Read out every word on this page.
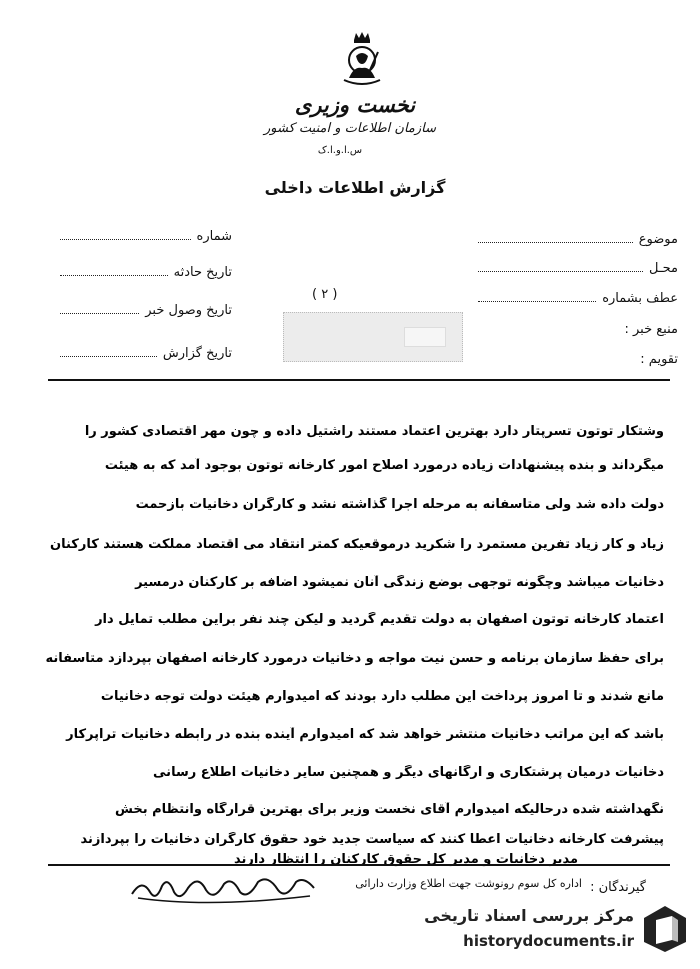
نخست وزیری
سازمان اطلاعات و امنیت کشور
س.ا.و.ا.ک
گزارش اطلاعات داخلی
موضوع
محـل
عطف بشماره
منبع خبر :
تقویم :
شماره
تاریخ حادثه
تاریخ وصول خبر
تاریخ گزارش
( ۲ )
وشتکار توتون تسرپتار دارد بهترین اعتماد مستند راشتیل داده و چون مهر اقتصادی کشور را
میگرداند و بنده پیشنهادات زیاده درمورد اصلاح امور کارخانه توتون بوجود آمد که به هیئت
دولت داده شد ولی متاسفانه به مرحله اجرا گذاشته نشد و کارگران دخانیات بازحمت
زیاد و کار زیاد تفرین مستمرد را شکرید درموقعیکه کمتر انتقاد می اقتصاد مملکت هستند کارکنان
دخانیات میباشد وچگونه توجهی بوضع زندگی آنان نمیشود اضافه بر کارکنان درمسیر
اعتماد کارخانه توتون اصفهان به دولت تقدیم گردید و لیکن چند نفر براین مطلب تمایل دار
برای حفظ سازمان برنامه و حسن نیت مواجه و دخانیات درمورد کارخانه اصفهان بپردازد متاسفانه
مانع شدند و تا امروز پرداخت این مطلب دارد بودند که امیدوارم هیئت دولت توجه دخانیات
باشد که این مراتب دخانیات منتشر خواهد شد که امیدوارم آینده بنده در رابطه دخانیات تراپرکار
دخانیات درمیان پرشتکاری و ارگانهای دیگر و همچنین سایر دخانیات اطلاع رسانی
نگهداشته شده درحالیکه امیدوارم آقای نخست وزیر برای بهترین قرارگاه وانتظام بخش
پیشرفت کارخانه دخانیات اعطا کنند که سیاست جدید خود حقوق کارگران دخانیات را بپردازند
مدیر دخانیات و مدیر کل حقوق کارکنان را انتظار دارند
گیرندگان :
اداره کل سوم رونوشت جهت اطلاع وزارت دارائی
مرکز بررسی اسناد تاریخی
historydocuments.ir
